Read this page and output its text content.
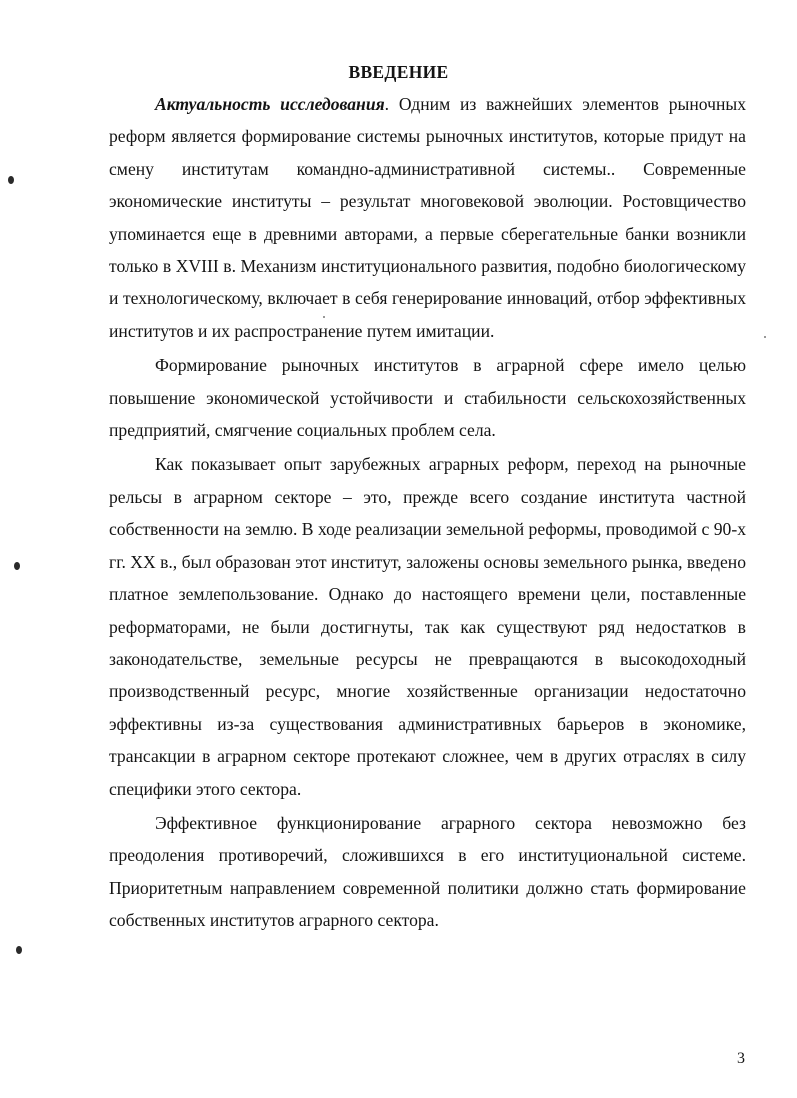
ВВЕДЕНИЕ

Актуальность исследования. Одним из важнейших элементов рыночных реформ является формирование системы рыночных институтов, которые придут на смену институтам командно-административной системы.. Современные экономические институты – результат многовековой эволюции. Ростовщичество упоминается еще в древними авторами, а первые сберегательные банки возникли только в XVIII в. Механизм институционального развития, подобно биологическому и технологическому, включает в себя генерирование инноваций, отбор эффективных институтов и их распространение путем имитации.

Формирование рыночных институтов в аграрной сфере имело целью повышение экономической устойчивости и стабильности сельскохозяйственных предприятий, смягчение социальных проблем села.

Как показывает опыт зарубежных аграрных реформ, переход на рыночные рельсы в аграрном секторе – это, прежде всего создание института частной собственности на землю. В ходе реализации земельной реформы, проводимой с 90-х гг. XX в., был образован этот институт, заложены основы земельного рынка, введено платное землепользование. Однако до настоящего времени цели, поставленные реформаторами, не были достигнуты, так как существуют ряд недостатков в законодательстве, земельные ресурсы не превращаются в высокодоходный производственный ресурс, многие хозяйственные организации недостаточно эффективны из-за существования административных барьеров в экономике, трансакции в аграрном секторе протекают сложнее, чем в других отраслях в силу специфики этого сектора.

Эффективное функционирование аграрного сектора невозможно без преодоления противоречий, сложившихся в его институциональной системе. Приоритетным направлением современной политики должно стать формирование собственных институтов аграрного сектора.

3
